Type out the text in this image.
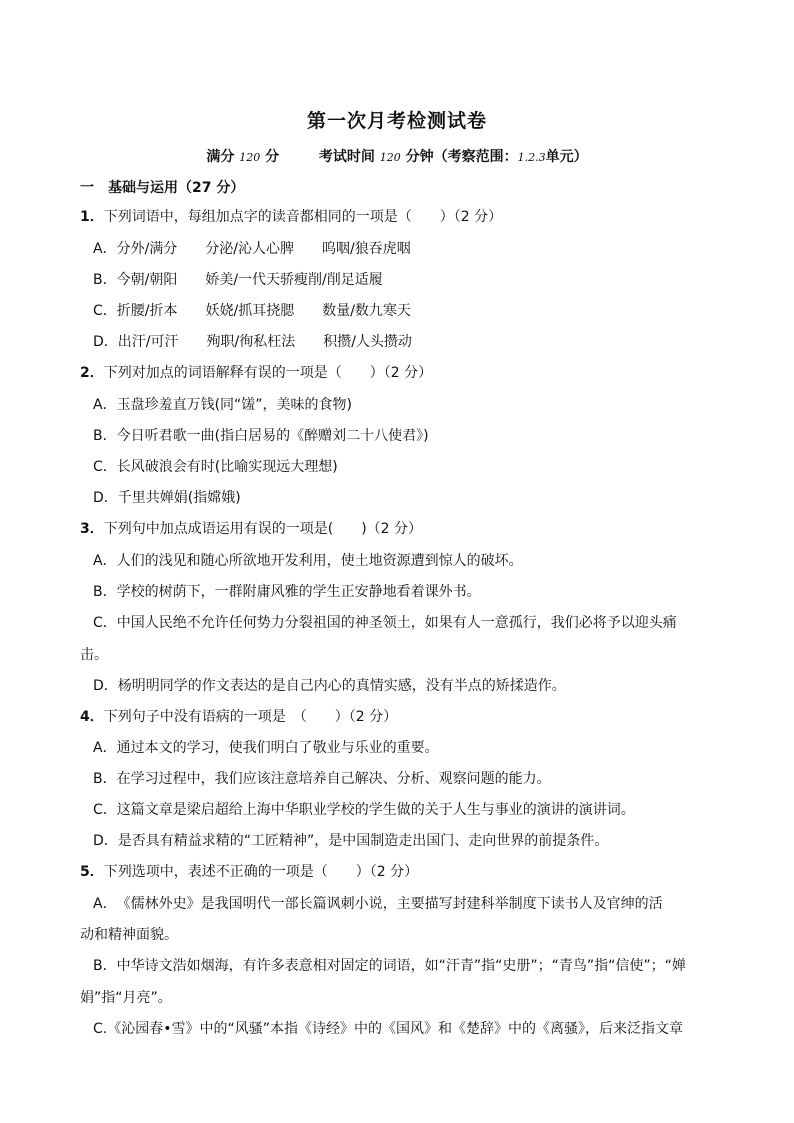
第一次月考检测试卷
满分 120 分	考试时间 120 分钟（考察范围：1.2.3单元）
一　基础与运用（27 分）
1．下列词语中，每组加点字的读音都相同的一项是（　　）（2 分）
A．分外/满分　　分泌/沁人心脾　　呜咽/狼吞虎咽
B．今朝/朝阳　　娇美/一代天骄瘦削/削足适履
C．折腰/折本　　妖娆/抓耳挠腮　　数量/数九寒天
D．出汗/可汗　　殉职/徇私枉法　　积攒/人头攒动
2．下列对加点的词语解释有误的一项是（　　）（2 分）
A．玉盘珍羞直万钱(同“馐”，美味的食物)
B．今日听君歌一曲(指白居易的《醉赠刘二十八使君》)
C．长风破浪会有时(比喻实现远大理想)
D．千里共婵娟(指嫦娥)
3．下列句中加点成语运用有误的一项是(　　)（2 分）
A．人们的浅见和随心所欲地开发利用，使土地资源遭到惊人的破坏。
B．学校的树荫下，一群附庸风雅的学生正安静地看着课外书。
C．中国人民绝不允许任何势力分裂祖国的神圣领土，如果有人一意孤行，我们必将予以迎头痛
击。
D．杨明明同学的作文表达的是自己内心的真情实感，没有半点的矫揉造作。
4．下列句子中没有语病的一项是　（　　）（2 分）
A．通过本文的学习，使我们明白了敬业与乐业的重要。
B．在学习过程中，我们应该注意培养自己解决、分析、观察问题的能力。
C．这篇文章是梁启超给上海中华职业学校的学生做的关于人生与事业的演讲的演讲词。
D．是否具有精益求精的“工匠精神”，是中国制造走出国门、走向世界的前提条件。
5．下列选项中，表述不正确的一项是（　　）（2 分）
A．　《儒林外史》是我国明代一部长篇讽刺小说，主要描写封建科举制度下读书人及官绅的活
动和精神面貌。
B．中华诗文浩如烟海，有许多表意相对固定的词语，如“汗青”指“史册”；“青鸟”指“信使”；“婵
娟”指“月亮”。
C.《沁园春•雪》中的“风骚”本指《诗经》中的《国风》和《楚辞》中的《离骚》，后来泛指文章
